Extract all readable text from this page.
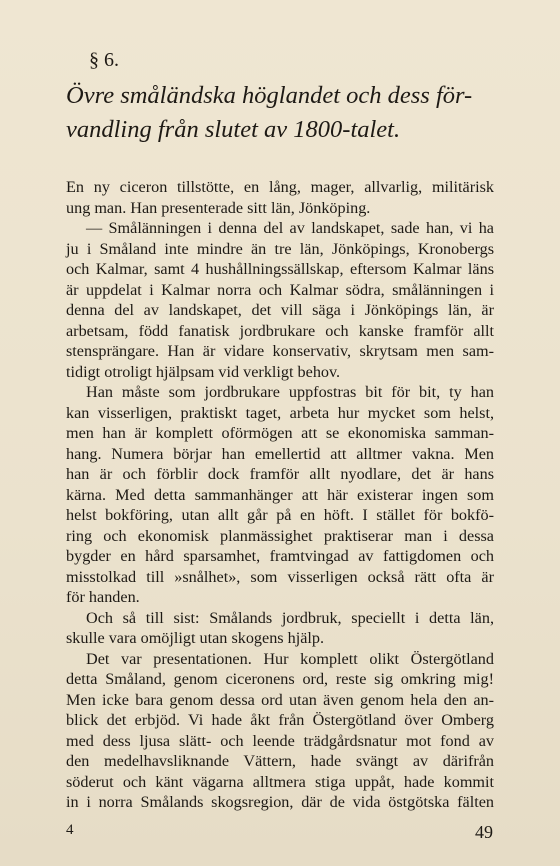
§ 6.
Övre småländska höglandet och dess för-
vandling från slutet av 1800-talet.
En ny ciceron tillstötte, en lång, mager, allvarlig, militärisk
ung man. Han presenterade sitt län, Jönköping.
— Smålänningen i denna del av landskapet, sade han, vi ha
ju i Småland inte mindre än tre län, Jönköpings, Kronobergs
och Kalmar, samt 4 hushållningssällskap, eftersom Kalmar läns
är uppdelat i Kalmar norra och Kalmar södra, smålänningen i
denna del av landskapet, det vill säga i Jönköpings län, är
arbetsam, född fanatisk jordbrukare och kanske framför allt
stensprängare. Han är vidare konservativ, skrytsam men sam-
tidigt otroligt hjälpsam vid verkligt behov.
Han måste som jordbrukare uppfostras bit för bit, ty han
kan visserligen, praktiskt taget, arbeta hur mycket som helst,
men han är komplett oförmögen att se ekonomiska samman-
hang. Numera börjar han emellertid att alltmer vakna. Men
han är och förblir dock framför allt nyodlare, det är hans
kärna. Med detta sammanhänger att här existerar ingen som
helst bokföring, utan allt går på en höft. I stället för bokfö-
ring och ekonomisk planmässighet praktiserar man i dessa
bygder en hård sparsamhet, framtvingad av fattigdomen och
misstolkad till »snålhet», som visserligen också rätt ofta är
för handen.
Och så till sist: Smålands jordbruk, speciellt i detta län,
skulle vara omöjligt utan skogens hjälp.
Det var presentationen. Hur komplett olikt Östergötland
detta Småland, genom ciceronens ord, reste sig omkring mig!
Men icke bara genom dessa ord utan även genom hela den an-
blick det erbjöd. Vi hade åkt från Östergötland över Omberg
med dess ljusa slätt- och leende trädgårdsnatur mot fond av
den medelhavsliknande Vättern, hade svängt av därifrån
söderut och känt vägarna alltmera stiga uppåt, hade kommit
in i norra Smålands skogsregion, där de vida östgötska fälten
4	49
